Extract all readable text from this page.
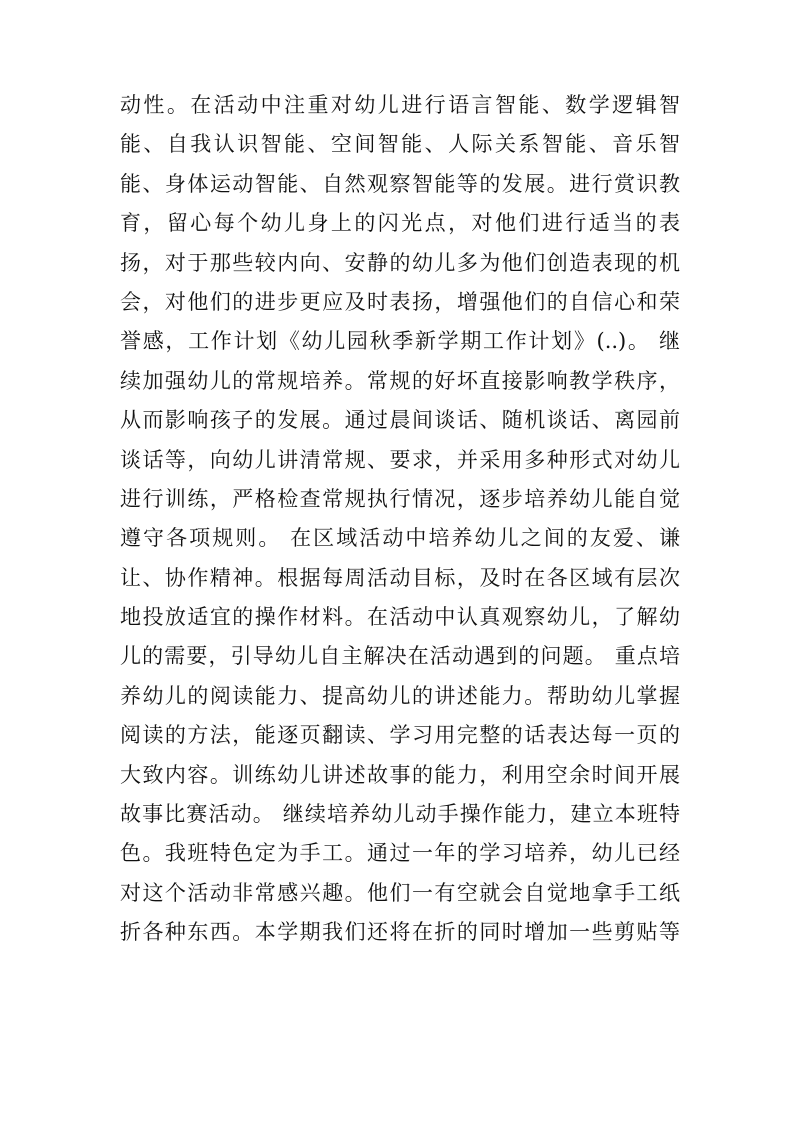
动性。在活动中注重对幼儿进行语言智能、数学逻辑智
能、自我认识智能、空间智能、人际关系智能、音乐智
能、身体运动智能、自然观察智能等的发展。进行赏识教
育，留心每个幼儿身上的闪光点，对他们进行适当的表
扬，对于那些较内向、安静的幼儿多为他们创造表现的机
会，对他们的进步更应及时表扬，增强他们的自信心和荣
誉感，工作计划《幼儿园秋季新学期工作计划》(..)。 继
续加强幼儿的常规培养。常规的好坏直接影响教学秩序，
从而影响孩子的发展。通过晨间谈话、随机谈话、离园前
谈话等，向幼儿讲清常规、要求，并采用多种形式对幼儿
进行训练，严格检查常规执行情况，逐步培养幼儿能自觉
遵守各项规则。 在区域活动中培养幼儿之间的友爱、谦
让、协作精神。根据每周活动目标，及时在各区域有层次
地投放适宜的操作材料。在活动中认真观察幼儿，了解幼
儿的需要，引导幼儿自主解决在活动遇到的问题。 重点培
养幼儿的阅读能力、提高幼儿的讲述能力。帮助幼儿掌握
阅读的方法，能逐页翻读、学习用完整的话表达每一页的
大致内容。训练幼儿讲述故事的能力，利用空余时间开展
故事比赛活动。 继续培养幼儿动手操作能力，建立本班特
色。我班特色定为手工。通过一年的学习培养，幼儿已经
对这个活动非常感兴趣。他们一有空就会自觉地拿手工纸
折各种东西。本学期我们还将在折的同时增加一些剪贴等
